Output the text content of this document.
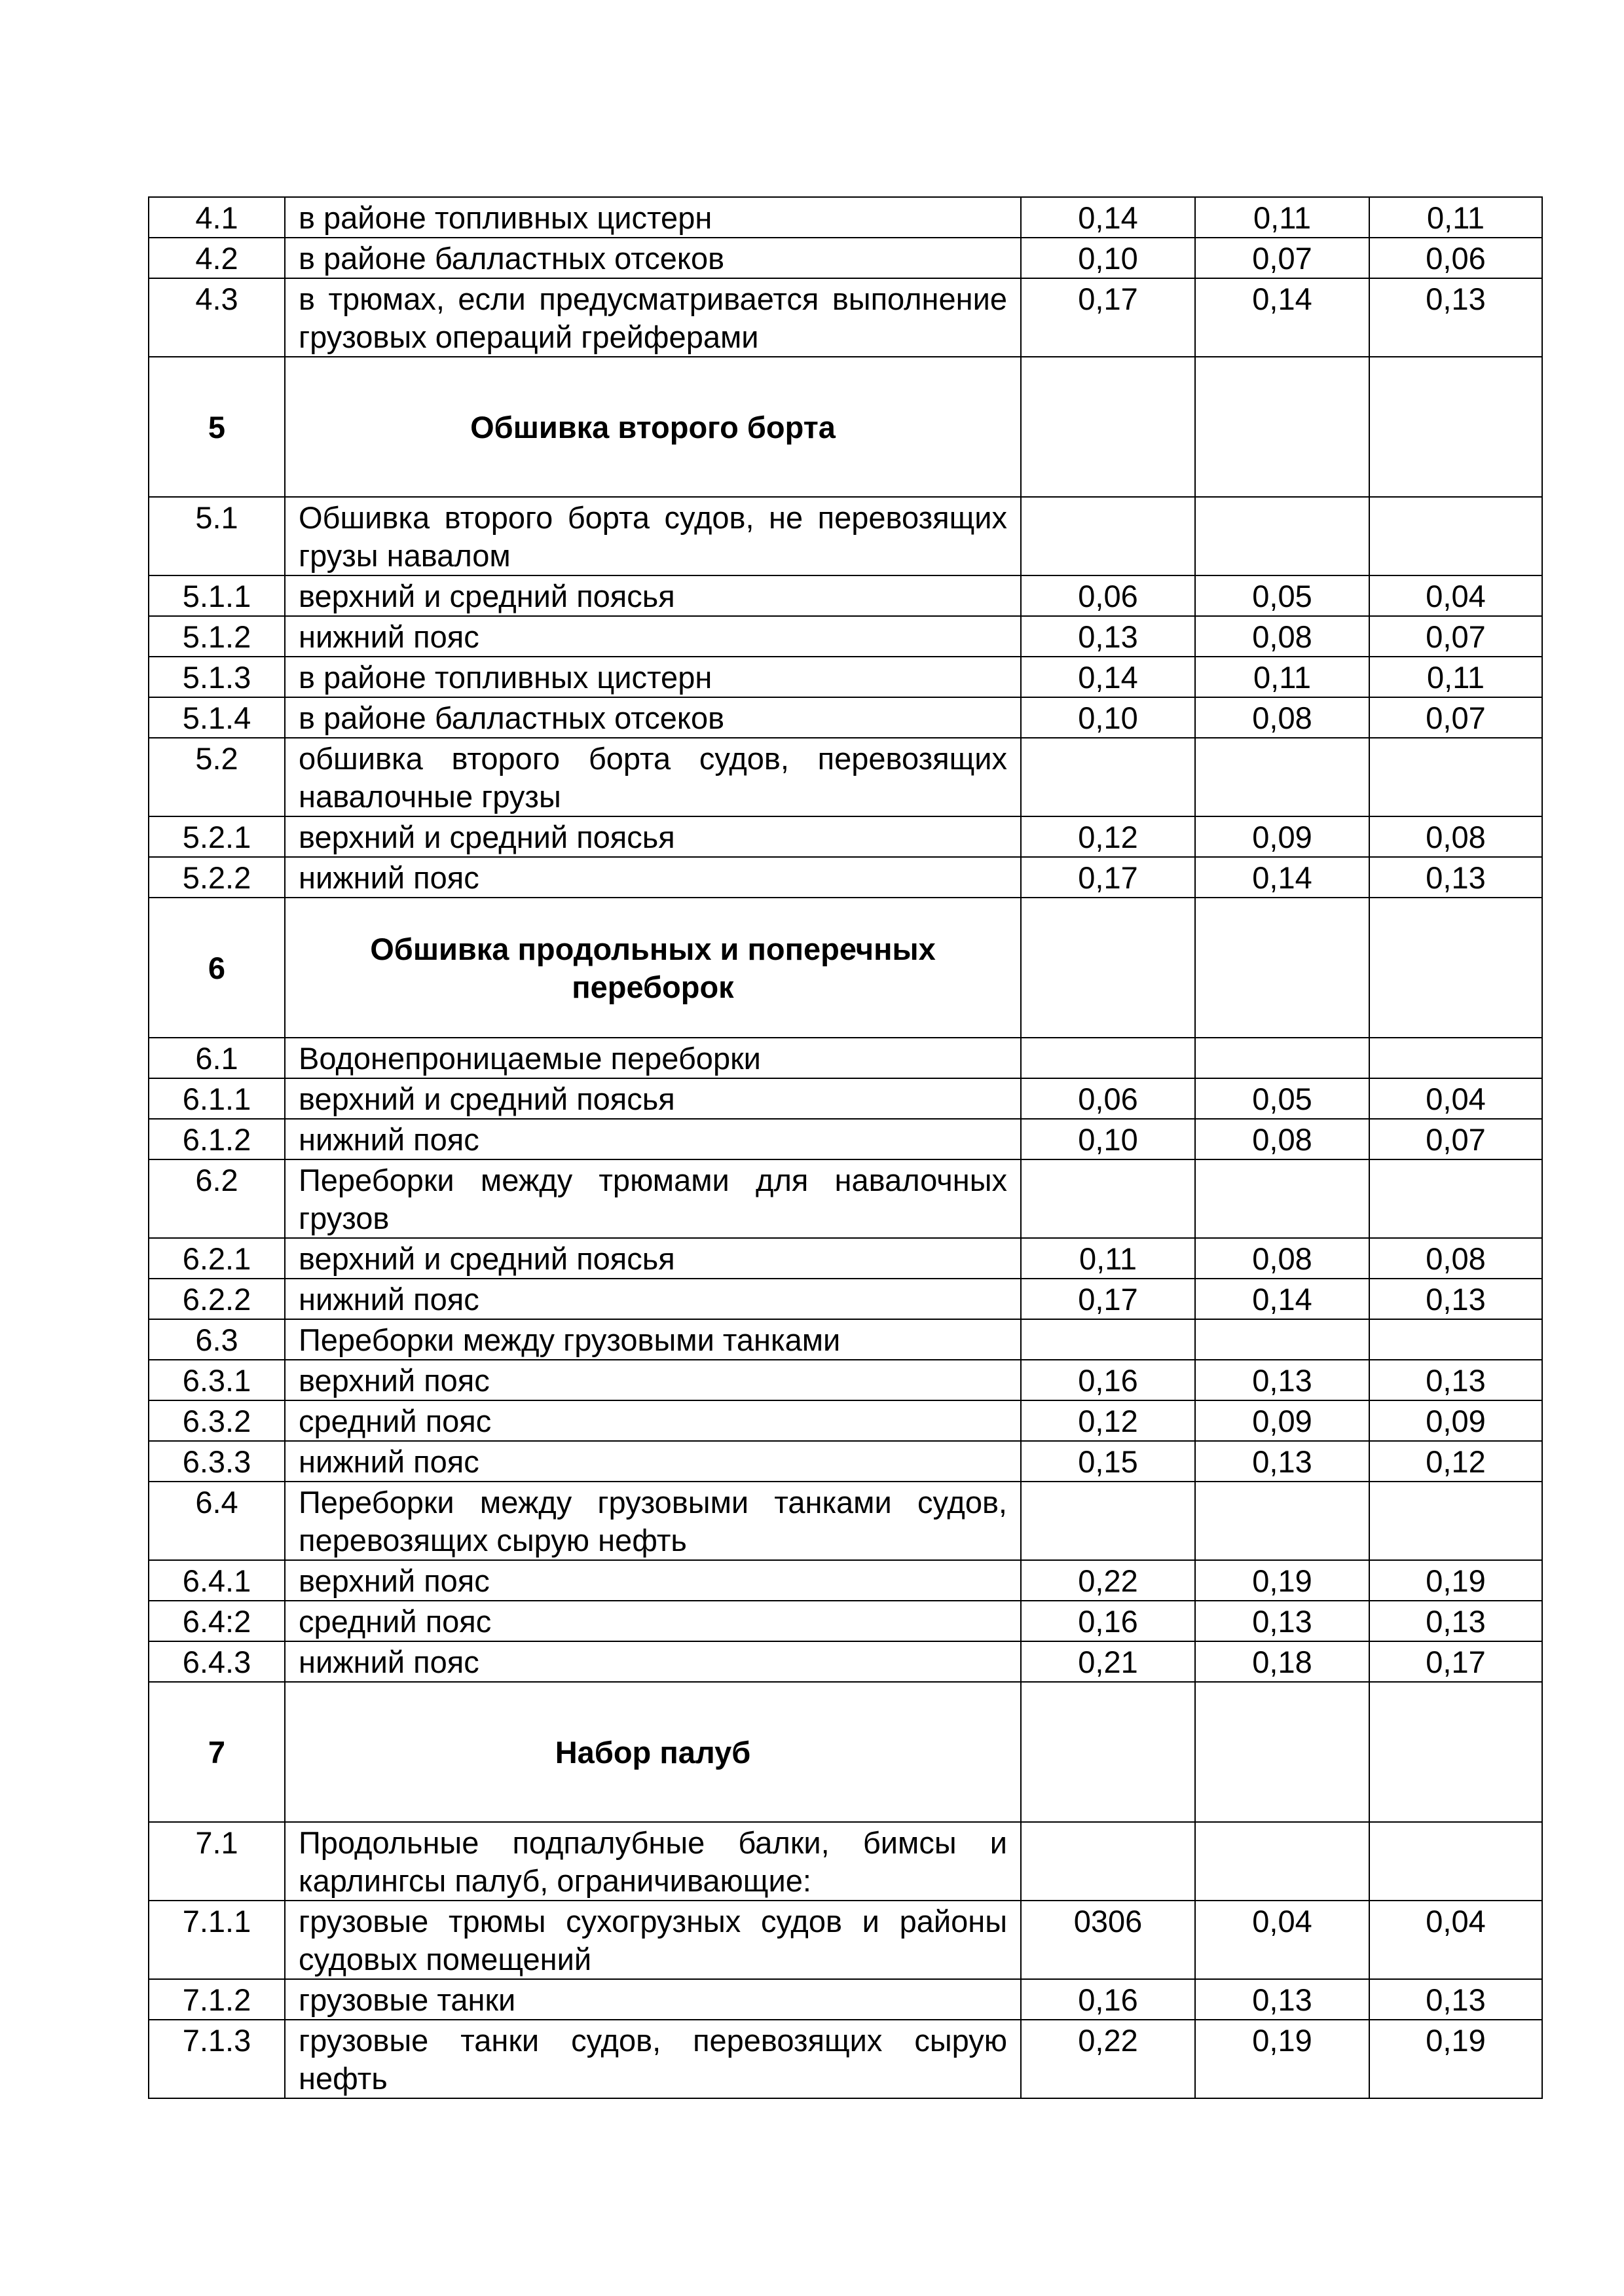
4.1	в районе топливных цистерн	0,14	0,11	0,11
4.2	в районе балластных отсеков	0,10	0,07	0,06
4.3	в трюмах, если предусматривается выполнение грузовых операций грейферами	0,17	0,14	0,13
5	Обшивка второго борта			
5.1	Обшивка второго борта судов, не перевозящих грузы навалом			
5.1.1	верхний и средний поясья	0,06	0,05	0,04
5.1.2	нижний пояс	0,13	0,08	0,07
5.1.3	в районе топливных цистерн	0,14	0,11	0,11
5.1.4	в районе балластных отсеков	0,10	0,08	0,07
5.2	обшивка второго борта судов, перевозящих навалочные грузы			
5.2.1	верхний и средний поясья	0,12	0,09	0,08
5.2.2	нижний пояс	0,17	0,14	0,13
6	Обшивка продольных и поперечных переборок			
6.1	Водонепроницаемые переборки			
6.1.1	верхний и средний поясья	0,06	0,05	0,04
6.1.2	нижний пояс	0,10	0,08	0,07
6.2	Переборки между трюмами для навалочных грузов			
6.2.1	верхний и средний поясья	0,11	0,08	0,08
6.2.2	нижний пояс	0,17	0,14	0,13
6.3	Переборки между грузовыми танками			
6.3.1	верхний пояс	0,16	0,13	0,13
6.3.2	средний пояс	0,12	0,09	0,09
6.3.3	нижний пояс	0,15	0,13	0,12
6.4	Переборки между грузовыми танками судов, перевозящих сырую нефть			
6.4.1	верхний пояс	0,22	0,19	0,19
6.4:2	средний пояс	0,16	0,13	0,13
6.4.3	нижний пояс	0,21	0,18	0,17
7	Набор палуб			
7.1	Продольные подпалубные балки, бимсы и карлингсы палуб, ограничивающие:			
7.1.1	грузовые трюмы сухогрузных судов и районы судовых помещений	0306	0,04	0,04
7.1.2	грузовые танки	0,16	0,13	0,13
7.1.3	грузовые танки судов, перевозящих сырую нефть	0,22	0,19	0,19
